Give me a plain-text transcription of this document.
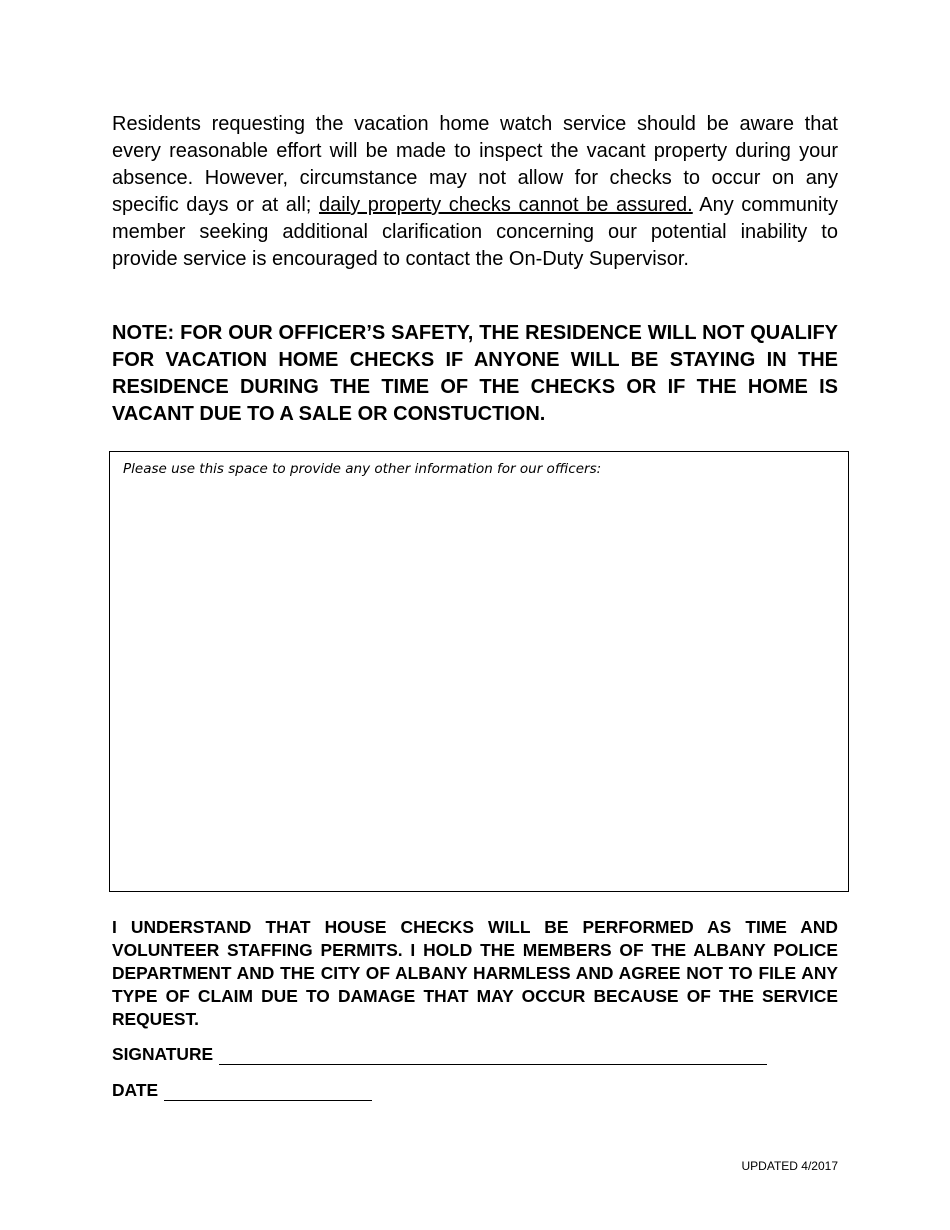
Residents requesting the vacation home watch service should be aware that every reasonable effort will be made to inspect the vacant property during your absence. However, circumstance may not allow for checks to occur on any specific days or at all; daily property checks cannot be assured. Any community member seeking additional clarification concerning our potential inability to provide service is encouraged to contact the On-Duty Supervisor.

NOTE: FOR OUR OFFICER’S SAFETY, THE RESIDENCE WILL NOT QUALIFY FOR VACATION HOME CHECKS IF ANYONE WILL BE STAYING IN THE RESIDENCE DURING THE TIME OF THE CHECKS OR IF THE HOME IS VACANT DUE TO A SALE OR CONSTUCTION.

Please use this space to provide any other information for our officers:

I UNDERSTAND THAT HOUSE CHECKS WILL BE PERFORMED AS TIME AND VOLUNTEER STAFFING PERMITS. I HOLD THE MEMBERS OF THE ALBANY POLICE DEPARTMENT AND THE CITY OF ALBANY HARMLESS AND AGREE NOT TO FILE ANY TYPE OF CLAIM DUE TO DAMAGE THAT MAY OCCUR BECAUSE OF THE SERVICE REQUEST.

SIGNATURE
DATE
UPDATED 4/2017
